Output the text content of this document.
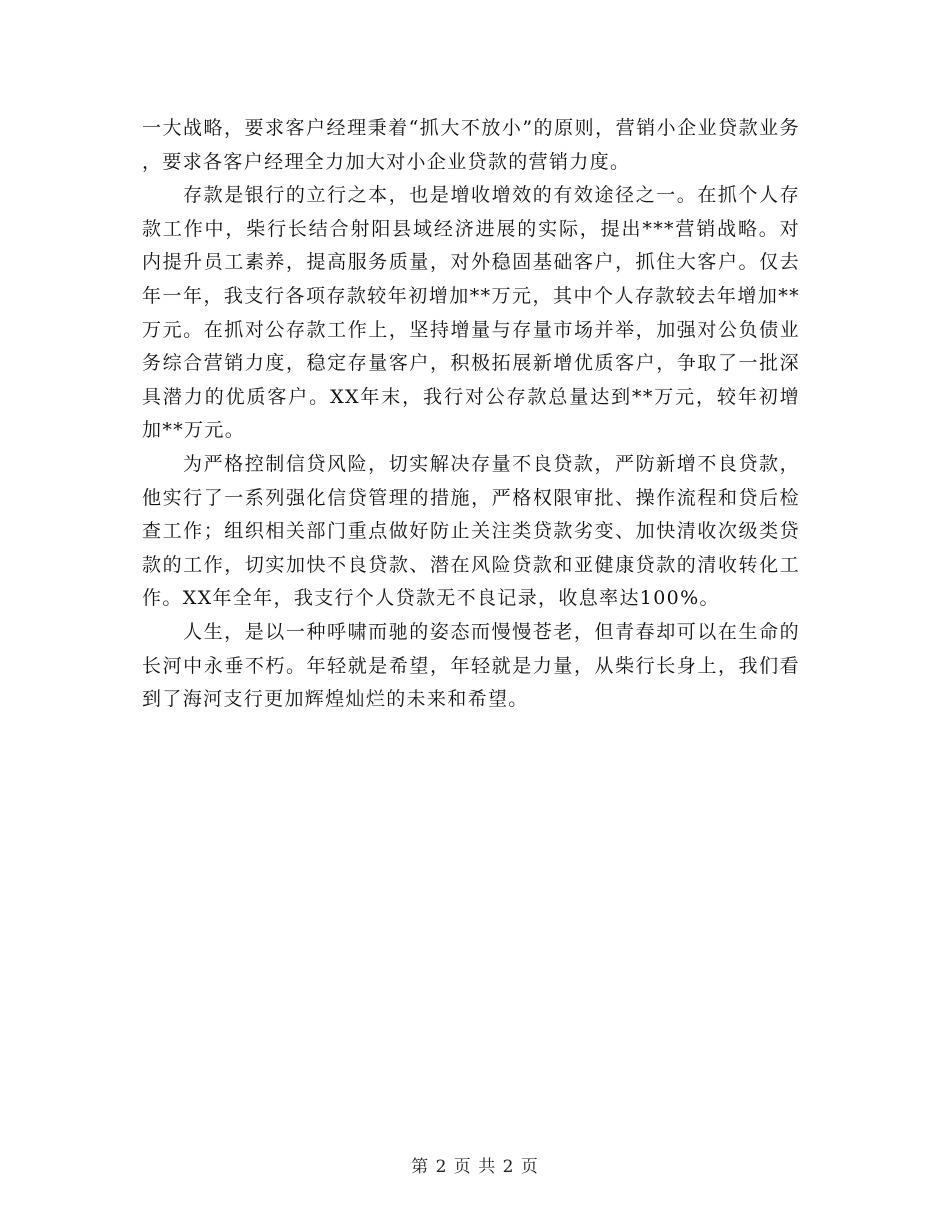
一大战略，要求客户经理秉着“抓大不放小”的原则，营销小企业贷款业务，要求各客户经理全力加大对小企业贷款的营销力度。

存款是银行的立行之本，也是增收增效的有效途径之一。在抓个人存款工作中，柴行长结合射阳县域经济进展的实际，提出***营销战略。对内提升员工素养，提高服务质量，对外稳固基础客户，抓住大客户。仅去年一年，我支行各项存款较年初增加**万元，其中个人存款较去年增加**万元。在抓对公存款工作上，坚持增量与存量市场并举，加强对公负债业务综合营销力度，稳定存量客户，积极拓展新增优质客户，争取了一批深具潜力的优质客户。XX年末，我行对公存款总量达到**万元，较年初增加**万元。

为严格控制信贷风险，切实解决存量不良贷款，严防新增不良贷款，他实行了一系列强化信贷管理的措施，严格权限审批、操作流程和贷后检查工作；组织相关部门重点做好防止关注类贷款劣变、加快清收次级类贷款的工作，切实加快不良贷款、潜在风险贷款和亚健康贷款的清收转化工作。XX年全年，我支行个人贷款无不良记录，收息率达100%。

人生，是以一种呼啸而驰的姿态而慢慢苍老，但青春却可以在生命的长河中永垂不朽。年轻就是希望，年轻就是力量，从柴行长身上，我们看到了海河支行更加辉煌灿烂的未来和希望。

第 2 页 共 2 页
